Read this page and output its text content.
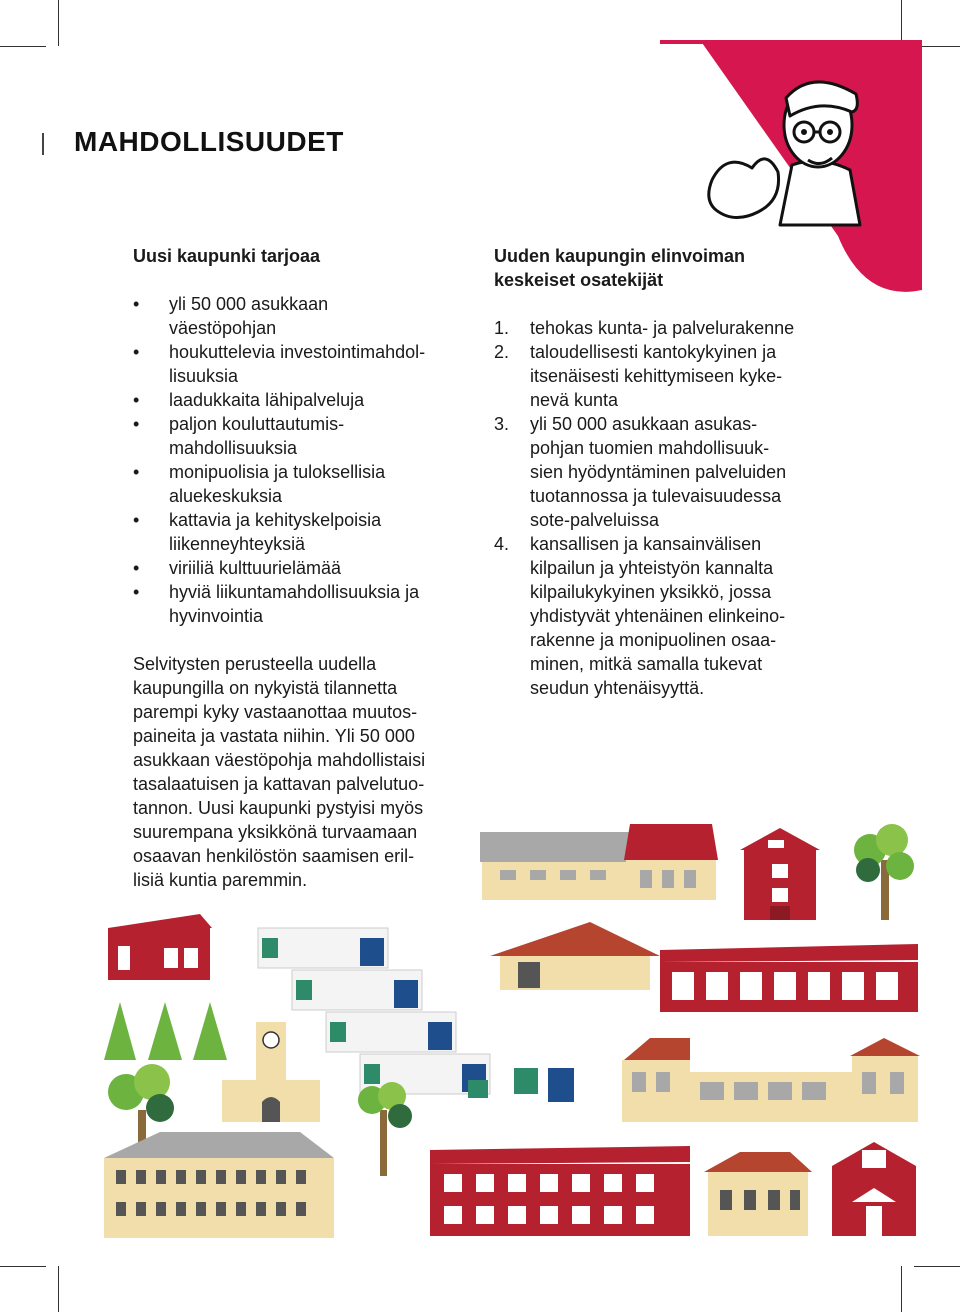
MAHDOLLISUUDET

Uusi kaupunki tarjoaa

• yli 50 000 asukkaan
väestöpohjan
• houkuttelevia investointimahdol-
lisuuksia
• laadukkaita lähipalveluja
• paljon kouluttautumis-
mahdollisuuksia
• monipuolisia ja tuloksellisia
aluekeskuksia
• kattavia ja kehityskelpoisia
liikenneyhteyksiä
• viriiliä kulttuurielämää
• hyviä liikuntamahdollisuuksia ja
hyvinvointia

Selvitysten perusteella uudella
kaupungilla on nykyistä tilannetta
parempi kyky vastaanottaa muutos-
paineita ja vastata niihin. Yli 50 000
asukkaan väestöpohja mahdollistaisi
tasalaatuisen ja kattavan palvelutuo-
tannon. Uusi kaupunki pystyisi myös
suurempana yksikkönä turvaamaan
osaavan henkilöstön saamisen eril-
lisiä kuntia paremmin.

Uuden kaupungin elinvoiman
keskeiset osatekijät

1. tehokas kunta- ja palvelurakenne
2. taloudellisesti kantokykyinen ja
itsenäisesti kehittymiseen kyke-
nevä kunta
3. yli 50 000 asukkaan asukas-
pohjan tuomien mahdollisuuk-
sien hyödyntäminen palveluiden
tuotannossa ja tulevaisuudessa
sote-palveluissa
4. kansallisen ja kansainvälisen
kilpailun ja yhteistyön kannalta
kilpailukykyinen yksikkö, jossa
yhdistyvät yhtenäinen elinkeino-
rakenne ja monipuolinen osaa-
minen, mitkä samalla tukevat
seudun yhtenäisyyttä.
